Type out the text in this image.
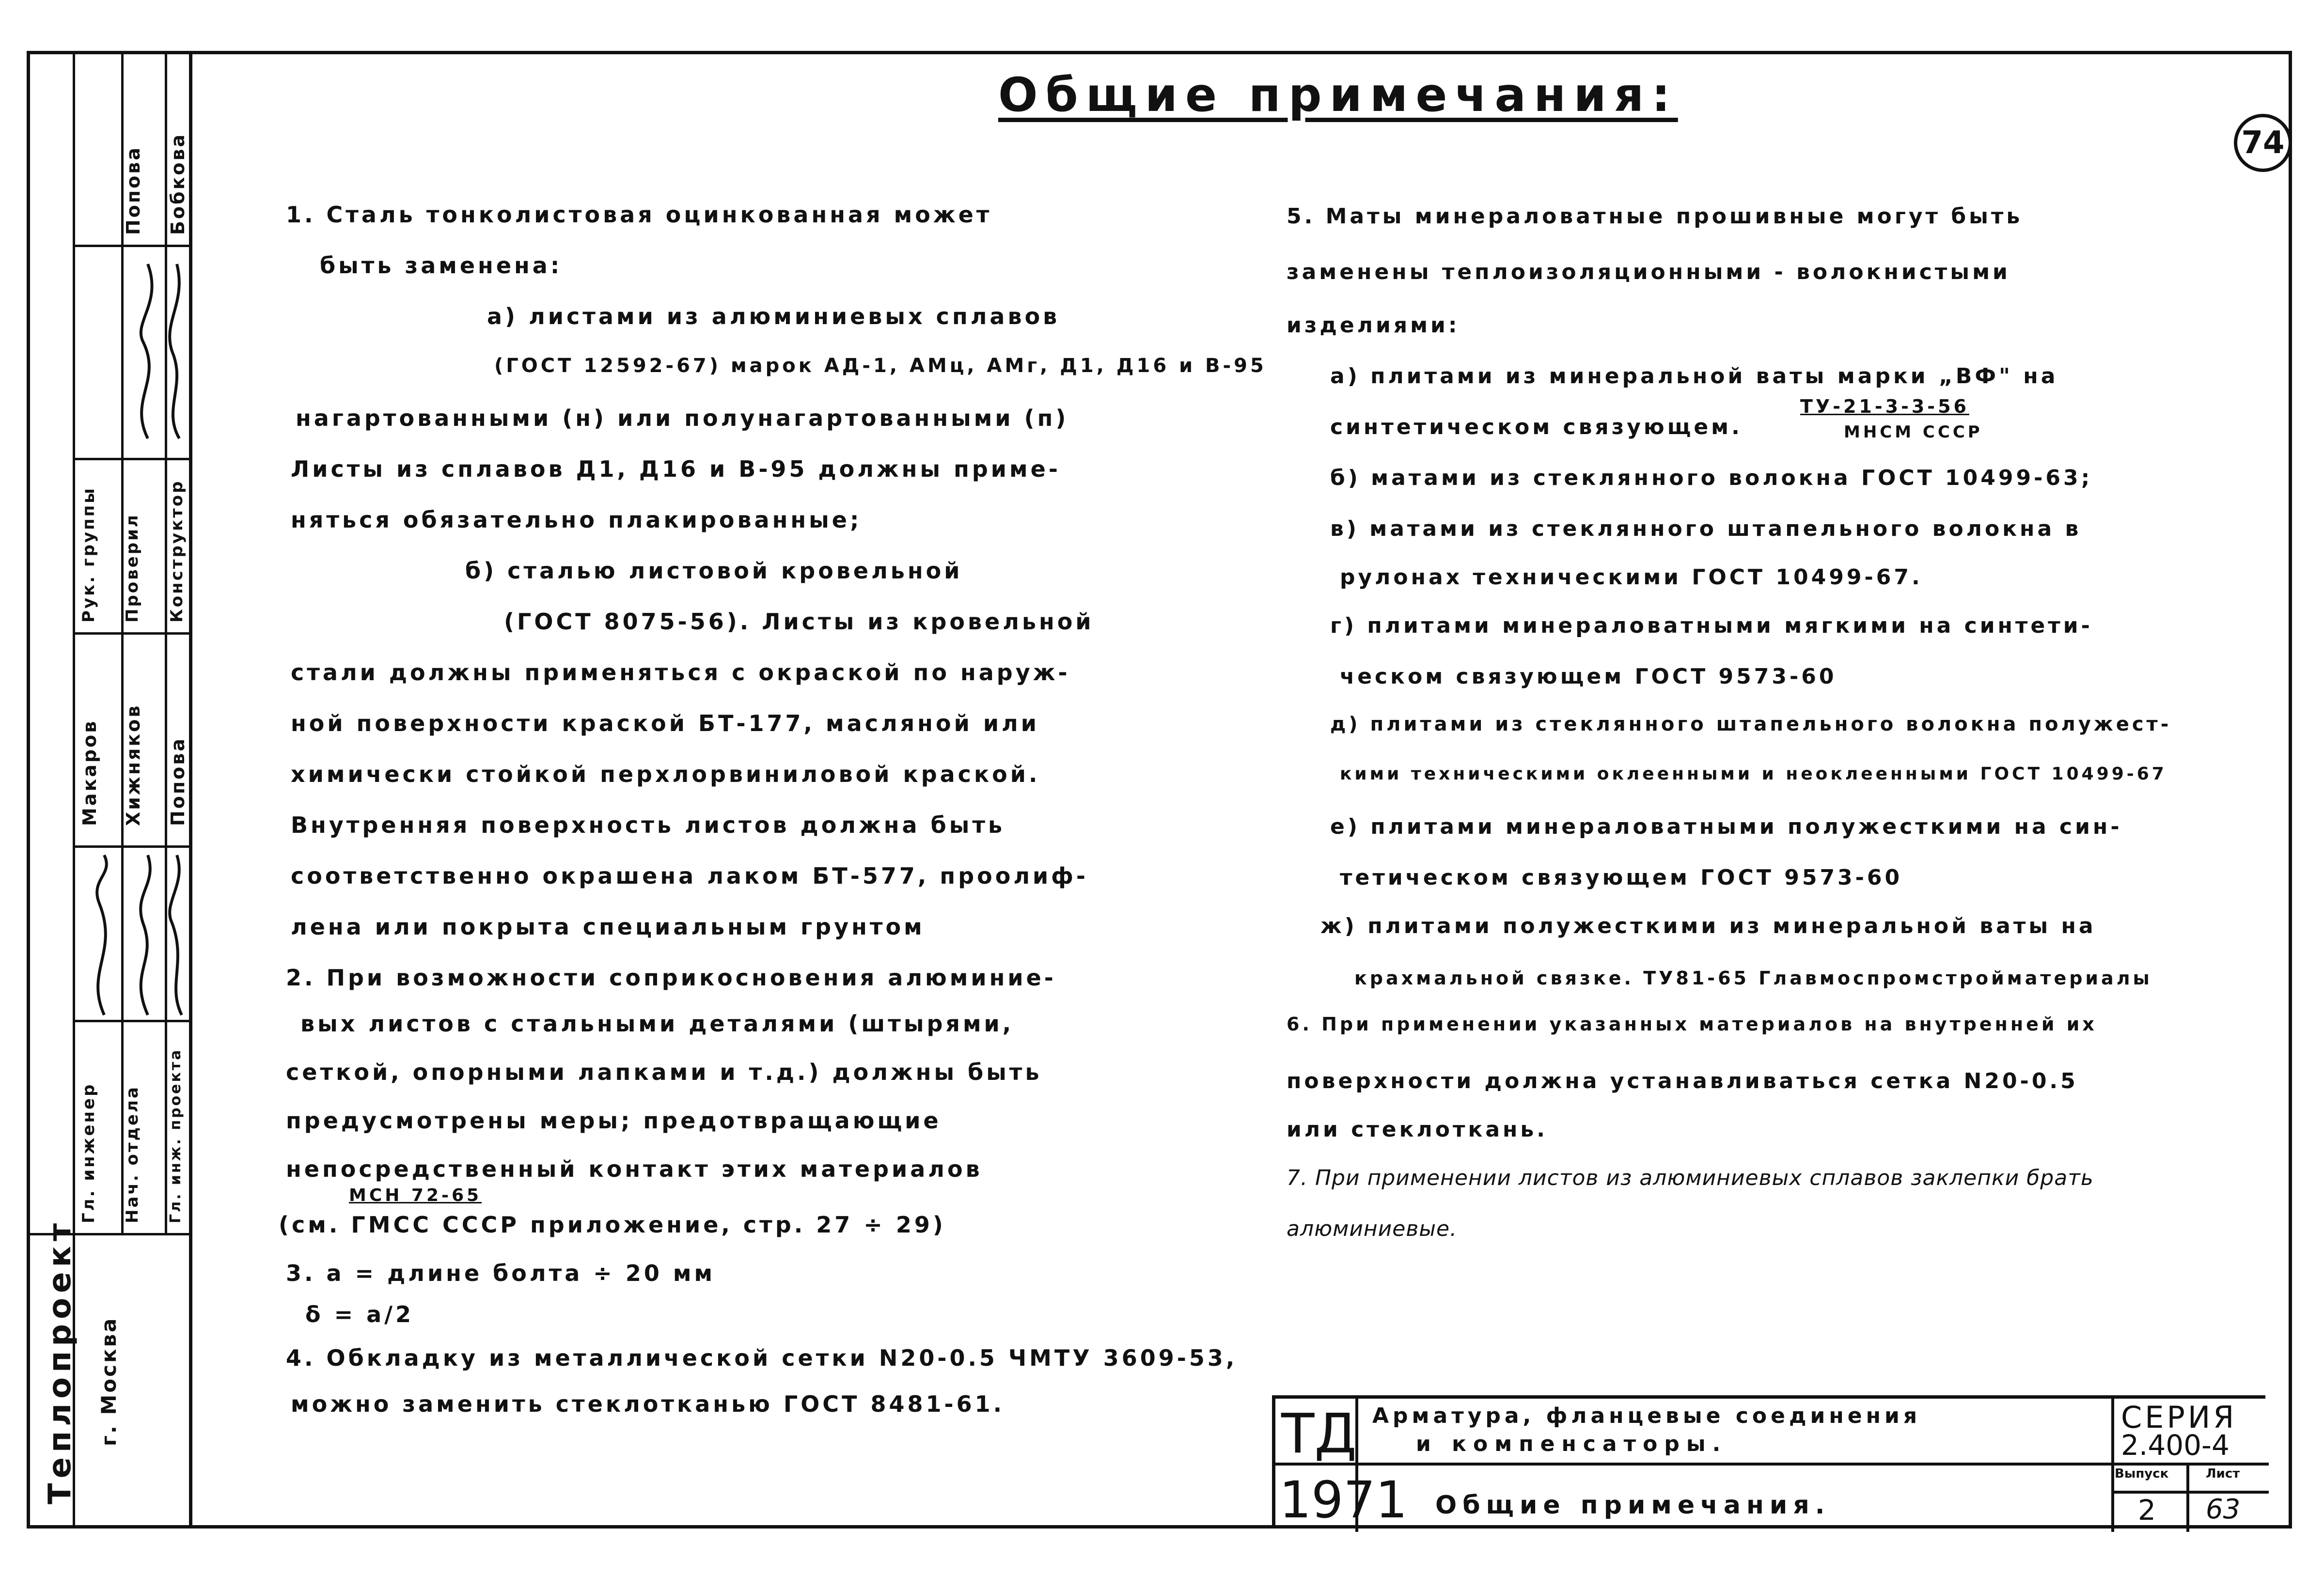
Теплопроект г. Москва
Гл. инженер Нач. отдела Гл. инж. проекта
Рук. группы Проверил Конструктор
Макаров Хижняков Попова
Попова Бобкова	74
Общие примечания:
1. Сталь тонколистовая оцинкованная может
быть заменена:
а) листами из алюминиевых сплавов
(ГОСТ 12592-67) марок АД-1, АМц, АМг, Д1, Д16 и В-95
нагартованными (н) или полунагартованными (п)
Листы из сплавов Д1, Д16 и В-95 должны приме-
няться обязательно плакированные;
б) сталью листовой кровельной
(ГОСТ 8075-56). Листы из кровельной
стали должны применяться с окраской по наруж-
ной поверхности краской БТ-177, масляной или
химически стойкой перхлорвиниловой краской.
Внутренняя поверхность листов должна быть
соответственно окрашена лаком БТ-577, проолиф-
лена или покрыта специальным грунтом
2. При возможности соприкосновения алюминие-
вых листов с стальными деталями (штырями,
сеткой, опорными лапками и т.д.) должны быть
предусмотрены меры; предотвращающие
непосредственный контакт этих материалов
МСН 72-65
(см. ГМСС СССР приложение, стр. 27 ÷ 29)
3. а = длине болта ÷ 20 мм
δ = а/2
4. Обкладку из металлической сетки N20-0.5 ЧМТУ 3609-53,
можно заменить стеклотканью ГОСТ 8481-61.
5. Маты минераловатные прошивные могут быть
заменены теплоизоляционными - волокнистыми
изделиями:
а) плитами из минеральной ваты марки „ВФ" на
синтетическом связующем.
ТУ-21-3-3-56
МНСМ СССР
б) матами из стеклянного волокна ГОСТ 10499-63;
в) матами из стеклянного штапельного волокна в
рулонах техническими ГОСТ 10499-67.
г) плитами минераловатными мягкими на синтети-
ческом связующем ГОСТ 9573-60
д) плитами из стеклянного штапельного волокна полужест-
кими техническими оклеенными и неоклеенными ГОСТ 10499-67
е) плитами минераловатными полужесткими на син-
тетическом связующем ГОСТ 9573-60
ж) плитами полужесткими из минеральной ваты на
крахмальной связке. ТУ81-65 Главмоспромстройматериалы
6. При применении указанных материалов на внутренней их
поверхности должна устанавливаться сетка N20-0.5
или стеклоткань.
7. При применении листов из алюминиевых сплавов заклепки брать
алюминиевые.
ТД
1971
Арматура, фланцевые соединения
и компенсаторы.
Общие примечания.
СЕРИЯ
2.400-4
Выпуск	Лист
2 63
